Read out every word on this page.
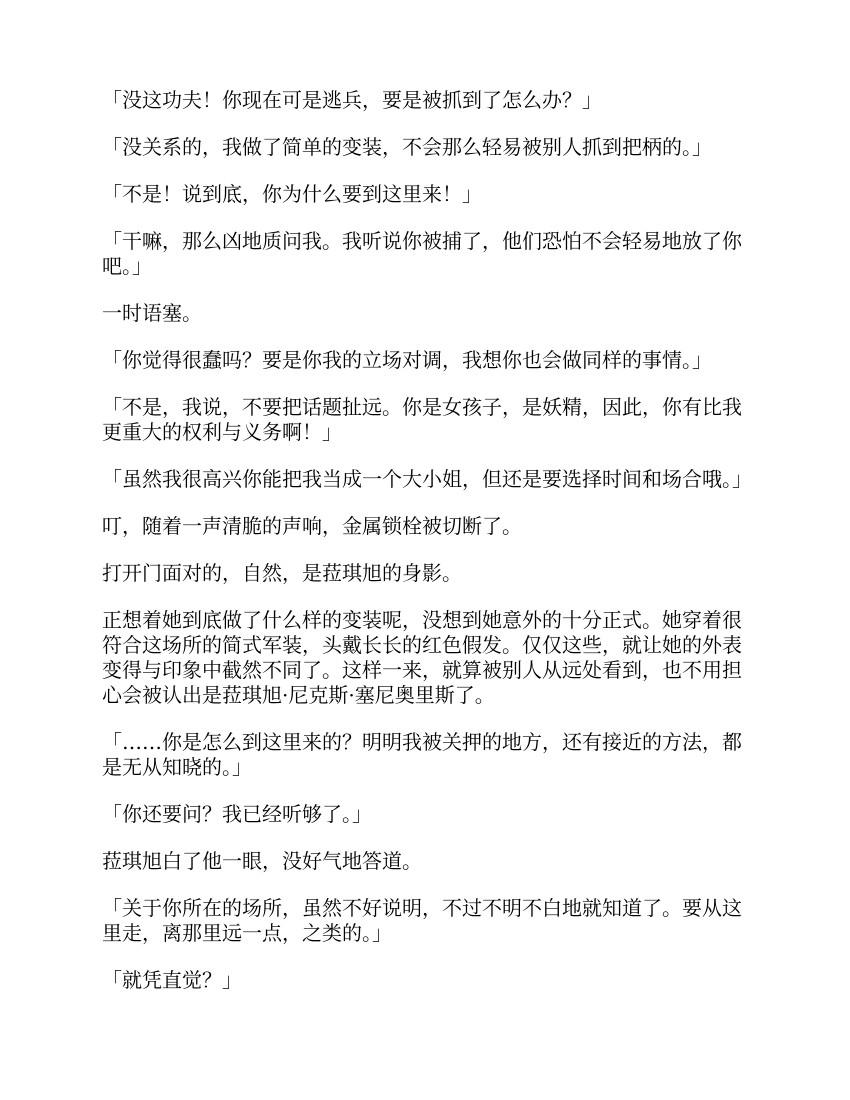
「没这功夫！你现在可是逃兵，要是被抓到了怎么办？」

「没关系的，我做了简单的变装，不会那么轻易被别人抓到把柄的。」

「不是！说到底，你为什么要到这里来！」

「干嘛，那么凶地质问我。我听说你被捕了，他们恐怕不会轻易地放了你吧。」

一时语塞。

「你觉得很蠢吗？要是你我的立场对调，我想你也会做同样的事情。」

「不是，我说，不要把话题扯远。你是女孩子，是妖精，因此，你有比我更重大的权利与义务啊！」

「虽然我很高兴你能把我当成一个大小姐，但还是要选择时间和场合哦。」

叮，随着一声清脆的声响，金属锁栓被切断了。

打开门面对的，自然，是菈琪旭的身影。

正想着她到底做了什么样的变装呢，没想到她意外的十分正式。她穿着很符合这场所的简式军装，头戴长长的红色假发。仅仅这些，就让她的外表变得与印象中截然不同了。这样一来，就算被别人从远处看到，也不用担心会被认出是菈琪旭·尼克斯·塞尼奥里斯了。

「……你是怎么到这里来的？明明我被关押的地方，还有接近的方法，都是无从知晓的。」

「你还要问？我已经听够了。」

菈琪旭白了他一眼，没好气地答道。

「关于你所在的场所，虽然不好说明，不过不明不白地就知道了。要从这里走，离那里远一点，之类的。」

「就凭直觉？」
